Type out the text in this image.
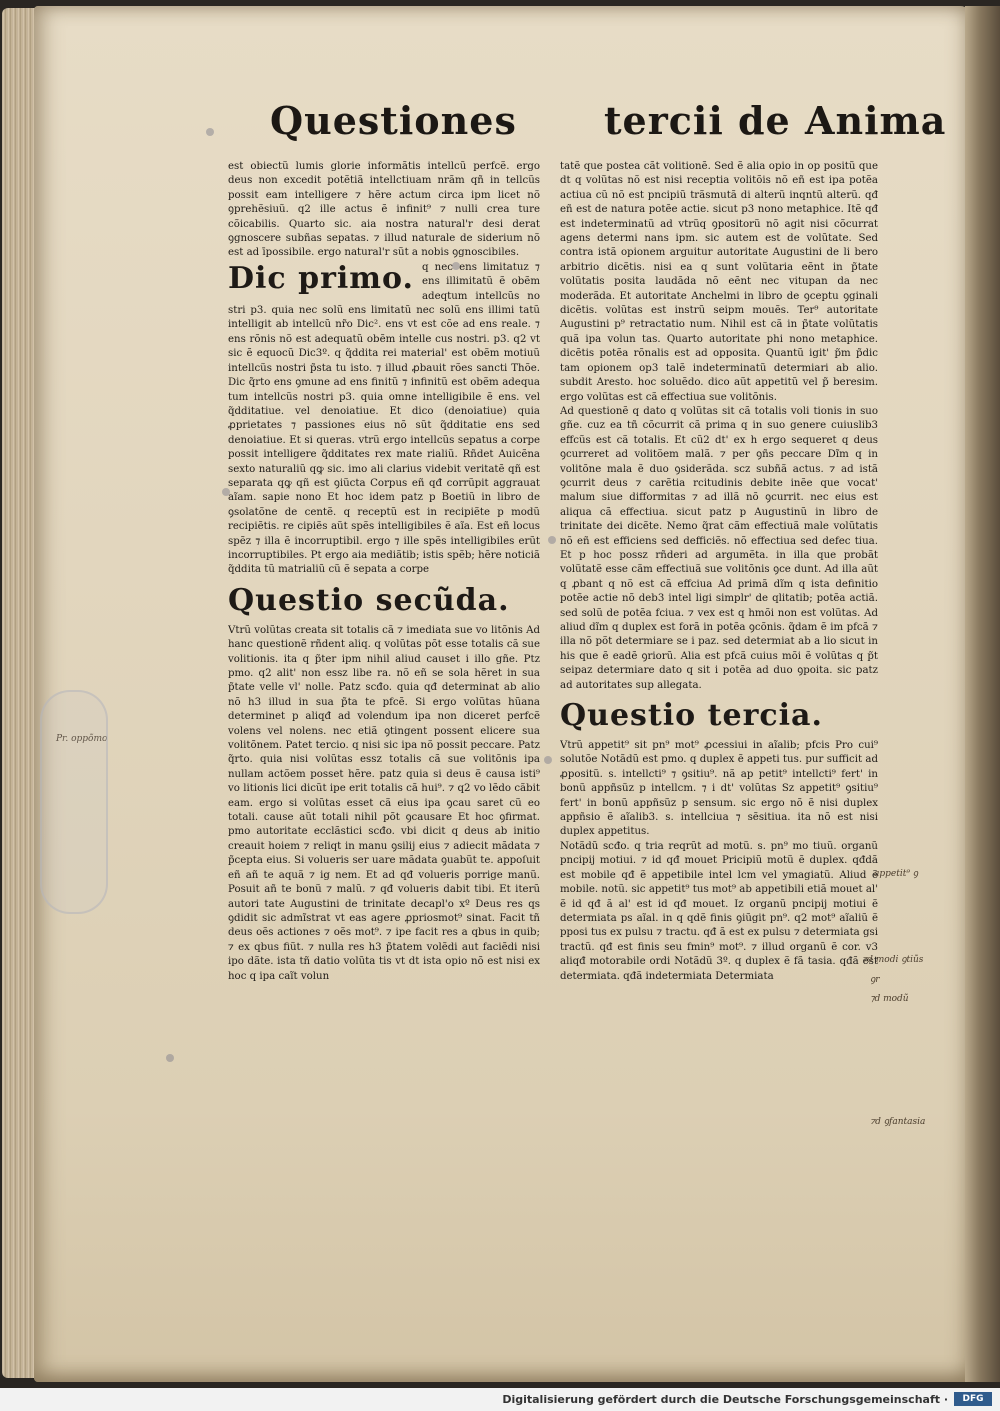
Questiones tercii de Anima

est obiectũ lumis glorie informãtis intellcũ perfcẽ. ergo deus non excedit potẽtiã intellctiuam nrãm qñ in tellcũs possit eam intelligere ⁊ hẽre actum circa ipm licet nõ ꝯprehẽsiuũ. q2 ille actus ẽ infinit⁹ ⁊ nulli crea ture cõicabilis. Quarto sic. aia nostra natural'r desi derat ꝯgnoscere subñas sepatas. ⁊ illud naturale de siderium nõ est ad īpossibile. ergo natural'r sũt a nobis ꝯgnoscibiles.

Dic primo. q nec ens limitatuz ⁊ ens illimitatũ ẽ obẽm adeqtum intellcũs no stri p3. quia nec solũ ens limitatũ nec solũ ens illimi tatũ intelligit ab intellcũ nr̃o Dic². ens vt est cõe ad ens reale. ⁊ ens rõnis nõ est adequatũ obẽm intelle cus nostri. p3. q2 vt sic ẽ equocũ Dic3º. q q̃ddita rei material' est obẽm motiuũ intellcũs nostri p̃sta tu isto. ⁊ illud ꝓbauit rões sancti Thõe. Dic q̃rto ens ꝯmune ad ens finitũ ⁊ infinitũ est obẽm adequa tum intellcũs nostri p3. quia omne intelligibile ẽ ens. vel q̃dditatiue. vel denoiatiue. Et dico (denoiatiue) quia ꝓprietates ⁊ passiones eius nõ sũt q̃dditatie ens sed denoiatiue. Et si queras. vtrũ ergo intellcũs sepatus a corpe possit intelligere q̃dditates rex mate rialiũ. Rñdet Auicẽna sexto naturaliũ qꝙ sic. imo ali clarius videbit veritatẽ qñ est separata qꝙ qñ est ꝯiũcta Corpus eñ qđ corrũpit aggrauat aĩam. sapie nono Et hoc idem patz p Boetiũ in libro de ꝯsolatõne de centẽ. q receptũ est in recipiẽte p modũ recipiẽtis. re cipiẽs aũt spẽs intelligibiles ẽ aĩa. Est eñ locus spẽz ⁊ illa ẽ incorruptibil. ergo ⁊ ille spẽs intelligibiles erũt incorruptibiles. Pt ergo aia mediãtib; istis spẽb; hẽre noticiã q̃ddita tũ matrialiũ cũ ẽ sepata a corpe
Questio secũda.

Vtrũ volũtas creata sit totalis cã ⁊ imediata sue vo litõnis Ad hanc questionẽ rñdent aliq. q volũtas põt esse totalis cã sue volitionis. ita q p̃ter ipm nihil aliud causet i illo gñe. Ptz pmo. q2 alit' non essz libe ra. nõ eñ se sola hẽret in sua p̃tate velle vl' nolle. Patz scđo. quia qđ determinat ab alio nõ h3 illud in sua p̃ta te pfcẽ. Si ergo volũtas hũana determinet p aliqđ ad volendum ipa non diceret perfcẽ volens vel nolens. nec etiã ꝯtingent possent elicere sua volitõnem. Patet tercio. q nisi sic ipa nõ possit peccare. Patz q̃rto. quia nisi volũtas essz totalis cã sue volitõnis ipa nullam actõem posset hẽre. patz quia si deus ẽ causa isti⁹ vo litionis lici dicũt ipe erit totalis cã hui⁹. ⁊ q2 vo lẽdo cãbit eam. ergo si volũtas esset cã eius ipa ꝯcau saret cũ eo totali. cause aũt totali nihil põt ꝯcausare Et hoc ꝯfirmat. pmo autoritate ecclãstici scđo. vbi dicit q deus ab initio creauit hoiem ⁊ reliqt in manu ꝯsilij eius ⁊ adiecit mãdata ⁊ p̃cepta eius. Si volueris ser uare mãdata ꝯuabũt te. appoſuit eñ añ te aquã ⁊ ig nem. Et ad qđ volueris porrige manũ. Posuit añ te bonũ ⁊ malũ. ⁊ qđ volueris dabit tibi. Et iterũ autori tate Augustini de trinitate decapl'o xº Deus res qs ꝯdidit sic admĩstrat vt eas agere ꝓpriosmot⁹ sinat. Facit tñ deus oẽs actiones ⁊ oẽs mot⁹. ⁊ ipe facit res a qbus in quib; ⁊ ex qbus fiũt. ⁊ nulla res h3 p̃tatem volẽdi aut faciẽdi nisi ipo dãte. ista tñ datio volũta tis vt dt ista opio nõ est nisi ex hoc q ipa caĩt volun

tatẽ que postea cãt volitionẽ. Sed ẽ alia opio in op positũ que dt q volũtas nõ est nisi receptia volitõis nõ eñ est ipa potẽa actiua cũ nõ est pncipiũ trãsmutã di alterũ inqntũ alterũ. qđ eñ est de natura potẽe actie. sicut p3 nono metaphice. Itẽ qđ est indeterminatũ ad vtrũq ꝯpositorũ nõ agit nisi cõcurrat agens determi nans ipm. sic autem est de volũtate. Sed contra istã opionem arguitur autoritate Augustini de li bero arbitrio dicẽtis. nisi ea q sunt volũtaria eẽnt in p̃tate volũtatis posita laudãda nõ eẽnt nec vitupan da nec moderãda. Et autoritate Anchelmi in libro de ꝯceptu ꝯginali dicẽtis. volũtas est instrũ seipm mouẽs. Ter⁹ autoritate Augustini p⁹ retractatio num. Nihil est cã in p̃tate volũtatis quã ipa volun tas. Quarto autoritate phi nono metaphice. dicẽtis potẽa rõnalis est ad opposita. Quantũ igit' p̃m p̃dic tam opionem op3 talẽ indeterminatũ determiari ab alio. subdit Aresto. hoc soluẽdo. dico aũt appetitũ vel p̃ beresim. ergo volũtas est cã effectiua sue volitõnis.

Ad questionẽ q dato q volũtas sit cã totalis voli tionis in suo gñe. cuz ea tñ cõcurrit cã prima q in suo genere cuiuslib3 effcũs est cã totalis. Et cũ2 dt' ex h ergo sequeret q deus ꝯcurreret ad volitõem malã. ⁊ per ꝯñs peccare Dĩm q in volitõne mala ẽ duo ꝯsiderãda. scz subñã actus. ⁊ ad istã ꝯcurrit deus ⁊ carẽtia rcitudinis debite inẽe que vocat' malum siue difformitas ⁊ ad illã nõ ꝯcurrit. nec eius est aliqua cã effectiua. sicut patz p Augustinũ in libro de trinitate dei dicẽte. Nemo q̃rat cãm effectiuã male volũtatis nõ eñ est efficiens sed defficiẽs. nõ effectiua sed defec tiua. Et p hoc possz rñderi ad argumẽta. in illa que probãt volũtatẽ esse cãm effectiuã sue volitõnis ꝯce dunt. Ad illa aũt q ꝓbant q nõ est cã effciua Ad primã dĩm q ista definitio potẽe actie nõ deb3 intel ligi simplr' de qlitatib; potẽa actiã. sed solũ de potẽa fciua. ⁊ vex est q hmõi non est volũtas. Ad aliud dĩm q duplex est forã in potẽa ꝯcõnis. q̃dam ẽ im pfcã ⁊ illa nõ põt determiare se i paz. sed determiat ab a lio sicut in his que ẽ eadẽ ꝯriorũ. Alia est pfcã cuius mõi ẽ volũtas q p̃t seipaz determiare dato q sit i potẽa ad duo ꝯpoita. sic patz ad autoritates sup allegata.

Questio tercia.

Vtrũ appetit⁹ sit pn⁹ mot⁹ ꝓcessiui in aĩalib; pfcis Pro cui⁹ solutõe Notãdũ est pmo. q duplex ẽ appeti tus. pur sufficit ad ꝓpositũ. s. intellcti⁹ ⁊ ꝯsitiu⁹. nã ap petit⁹ intellcti⁹ fert' in bonũ appñsũz p intellcm. ⁊ i dt' volũtas Sz appetit⁹ ꝯsitiu⁹ fert' in bonũ appñsũz p sensum. sic ergo nõ ẽ nisi duplex appñsio ẽ aĩalib3. s. intellciua ⁊ sẽsitiua. ita nõ est nisi duplex appetitus.

Notãdũ scđo. q tria reqrũt ad motũ. s. pn⁹ mo tiuũ. organũ pncipij motiui. ⁊ id qđ mouet Pricipiũ motũ ẽ duplex. qđdã est mobile qđ ẽ appetibile intel lcm vel ymagiatũ. Aliud ẽ mobile. notũ. sic appetit⁹ tus mot⁹ ab appetibili etiã mouet al' ẽ id qđ ã al' est id qđ mouet. Iz organũ pncipij motiui ẽ determiata ps aĩal. in q qdẽ finis ꝯiũgit pn⁹. q2 mot⁹ aĩaliũ ẽ pposi tus ex pulsu ⁊ tractu. qđ ã est ex pulsu ⁊ determiata gsi tractũ. qđ est finis seu fmin⁹ mot⁹. ⁊ illud organũ ẽ cor. v3 aliqđ motorabile ordi Notãdũ 3º. q duplex ẽ fã tasia. qđã est determiata. qđã indetermiata Determiata

Pr. oppõmo
appetit⁹ ꝯ
⁊d modi ꝯtiũs
ꝯr
⁊d modũ
⁊d ꝯfantasia
Digitalisierung gefördert durch die Deutsche Forschungsgemeinschaft ·	DFG
